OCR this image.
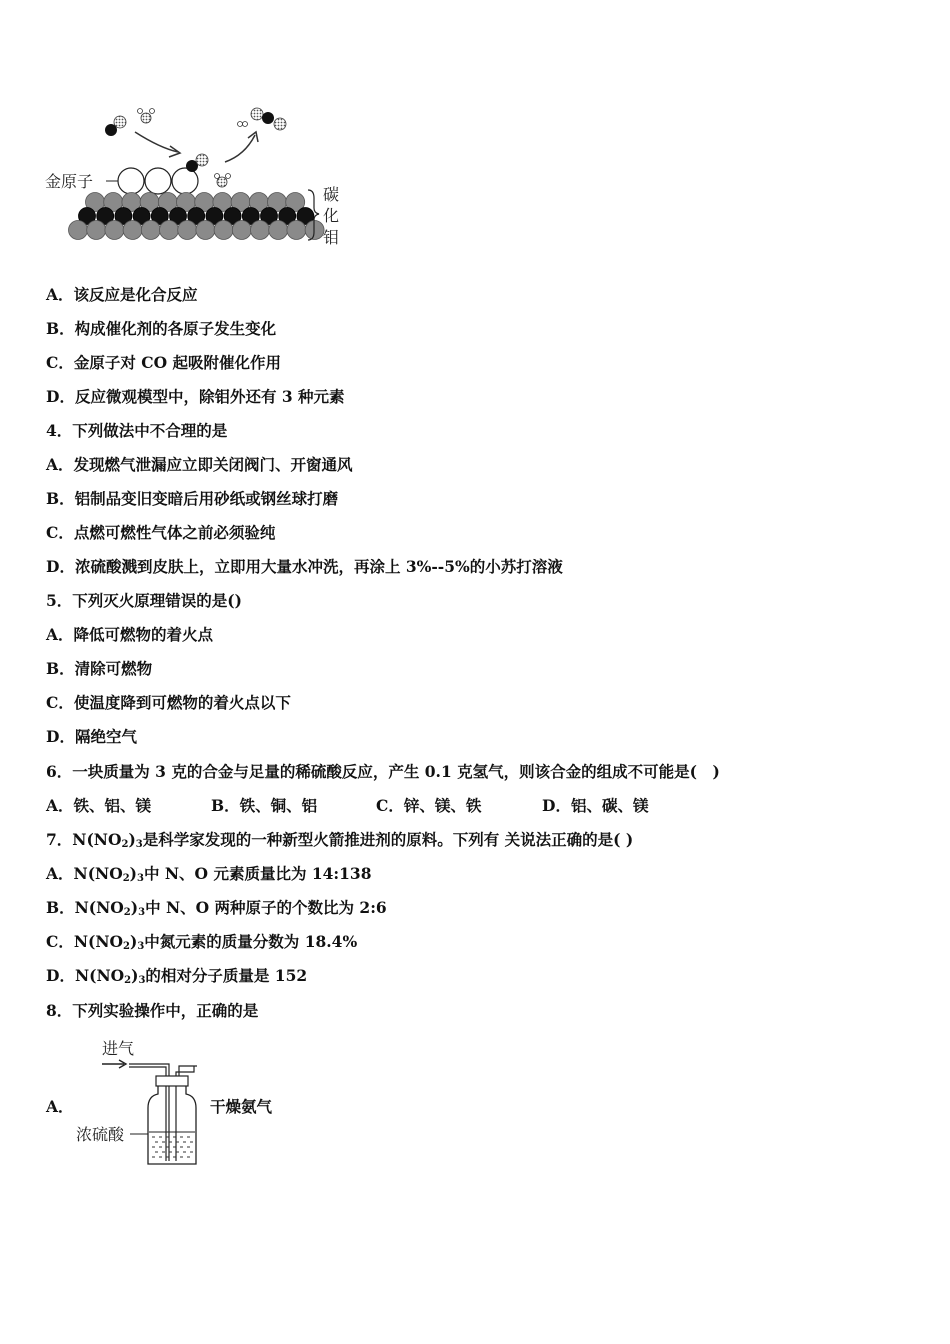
金原子
碳
化
钼
A．该反应是化合反应
B．构成催化剂的各原子发生变化
C．金原子对 CO 起吸附催化作用
D．反应微观模型中，除钼外还有 3 种元素
4．下列做法中不合理的是
A．发现燃气泄漏应立即关闭阀门、开窗通风
B．铝制品变旧变暗后用砂纸或钢丝球打磨
C．点燃可燃性气体之前必须验纯
D．浓硫酸溅到皮肤上，立即用大量水冲洗，再涂上 3%--5%的小苏打溶液
5．下列灭火原理错误的是()
A．降低可燃物的着火点
B．清除可燃物
C．使温度降到可燃物的着火点以下
D．隔绝空气
6．一块质量为 3 克的合金与足量的稀硫酸反应，产生 0.1 克氢气，则该合金的组成不可能是(　)
A．铁、铝、镁	B．铁、铜、铝	C．锌、镁、铁	D．铝、碳、镁
7．$N(NO_2)_3$是科学家发现的一种新型火箭推进剂的原料。下列有 关说法正确的是( )
A．$N(NO_2)_3$中 N、O 元素质量比为 14:138
B．$N(NO_2)_3$中 N、O 两种原子的个数比为 2:6
C．$N(NO_2)_3$中氮元素的质量分数为 18.4%
D．$N(NO_2)_3$的相对分子质量是 152
8．下列实验操作中，正确的是
A．	干燥氨气
进气
浓硫酸
